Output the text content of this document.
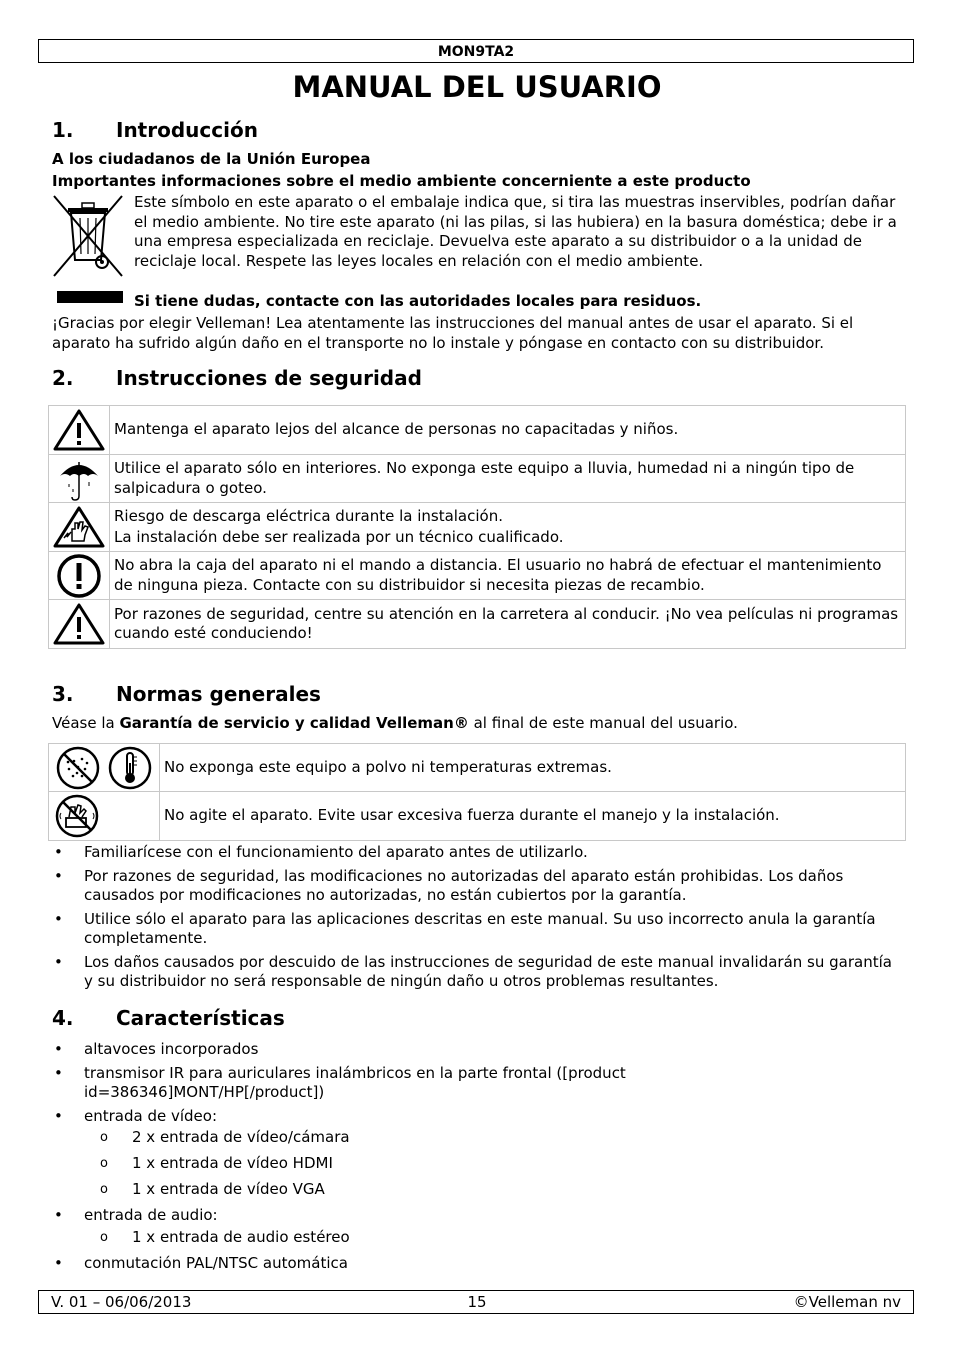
MON9TA2
MANUAL DEL USUARIO
1. Introducción
A los ciudadanos de la Unión Europea
Importantes informaciones sobre el medio ambiente concerniente a este producto
Este símbolo en este aparato o el embalaje indica que, si tira las muestras inservibles, podrían dañar el medio ambiente. No tire este aparato (ni las pilas, si las hubiera) en la basura doméstica; debe ir a una empresa especializada en reciclaje. Devuelva este aparato a su distribuidor o a la unidad de reciclaje local. Respete las leyes locales en relación con el medio ambiente.
Si tiene dudas, contacte con las autoridades locales para residuos.
¡Gracias por elegir Velleman! Lea atentamente las instrucciones del manual antes de usar el aparato. Si el aparato ha sufrido algún daño en el transporte no lo instale y póngase en contacto con su distribuidor.
2. Instrucciones de seguridad
	Mantenga el aparato lejos del alcance de personas no capacitadas y niños.

	Utilice el aparato sólo en interiores. No exponga este equipo a lluvia, humedad ni a ningún tipo de salpicadura o goteo.

Riesgo de descarga eléctrica durante la instalación.
La instalación debe ser realizada por un técnico cualificado.

	No abra la caja del aparato ni el mando a distancia. El usuario no habrá de efectuar el mantenimiento de ninguna pieza. Contacte con su distribuidor si necesita piezas de recambio.

	Por razones de seguridad, centre su atención en la carretera al conducir. ¡No vea películas ni programas cuando esté conduciendo!
3. Normas generales
Véase la Garantía de servicio y calidad Velleman® al final de este manual del usuario.
	No exponga este equipo a polvo ni temperaturas extremas.

	No agite el aparato. Evite usar excesiva fuerza durante el manejo y la instalación.
• Familiarícese con el funcionamiento del aparato antes de utilizarlo.
• Por razones de seguridad, las modificaciones no autorizadas del aparato están prohibidas. Los daños causados por modificaciones no autorizadas, no están cubiertos por la garantía.
• Utilice sólo el aparato para las aplicaciones descritas en este manual. Su uso incorrecto anula la garantía completamente.
• Los daños causados por descuido de las instrucciones de seguridad de este manual invalidarán su garantía y su distribuidor no será responsable de ningún daño u otros problemas resultantes.
4. Características
• altavoces incorporados
• transmisor IR para auriculares inalámbricos en la parte frontal ([product id=386346]MONT/HP[/product])
• entrada de vídeo:
o 2 x entrada de vídeo/cámara
o 1 x entrada de vídeo HDMI
o 1 x entrada de vídeo VGA
• entrada de audio:
o 1 x entrada de audio estéreo
• conmutación PAL/NTSC automática
V. 01 – 06/06/2013	15	©Velleman nv
